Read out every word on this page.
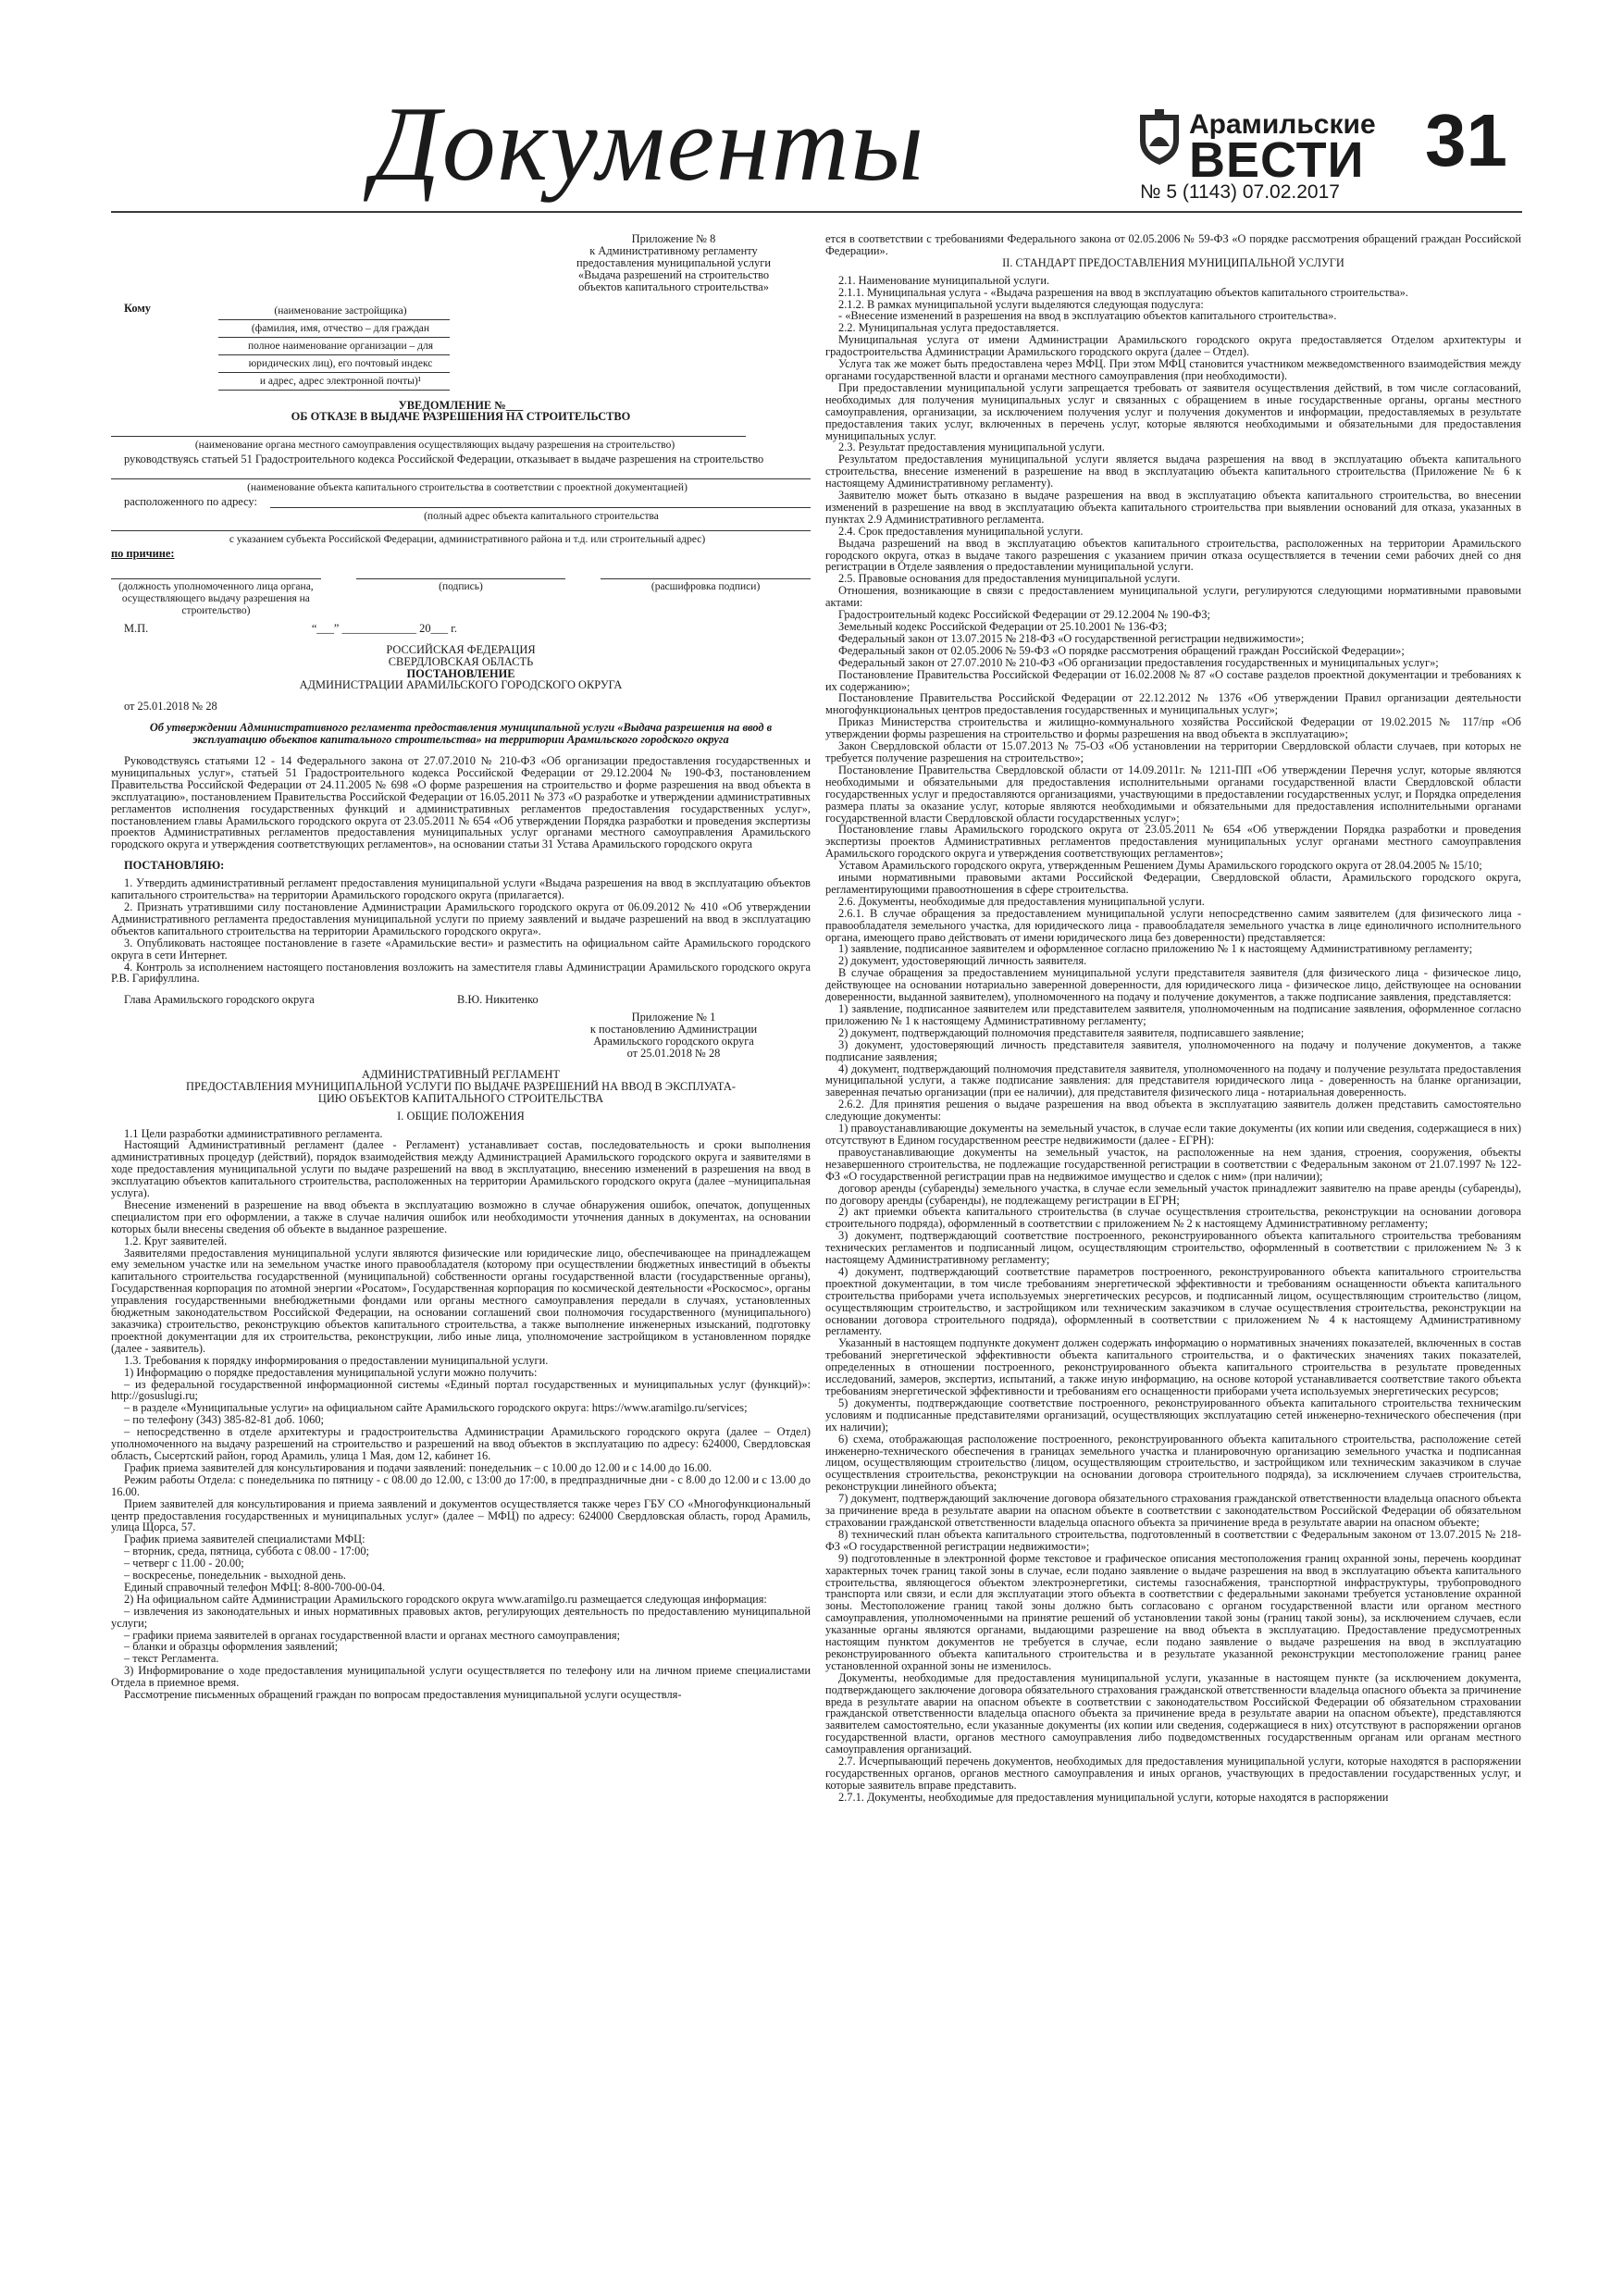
Документы	Арамильские
ВЕСТИ 31
№ 5 (1143) 07.02.2017

Приложение № 8

к Административному регламенту

предоставления муниципальной услуги

«Выдача разрешений на строительство

объектов капитального строительства»

Кому	(наименование застройщика)

(фамилия, имя, отчество – для граждан

полное наименование организации – для

юридических лиц), его почтовый индекс

и адрес, адрес электронной почты)¹

УВЕДОМЛЕНИЕ №___

ОБ ОТКАЗЕ В ВЫДАЧЕ РАЗРЕШЕНИЯ НА СТРОИТЕЛЬСТВО

(наименование органа местного самоуправления осуществляющих выдачу разрешения на строительство)

руководствуясь статьей 51 Градостроительного кодекса Российской Федерации, отказывает в выдаче разрешения на строительство

(наименование объекта капитального строительства в соответствии с проектной документацией)

расположенного по адресу:

(полный адрес объекта капитального строительства

с указанием субъекта Российской Федерации, административного района и т.д. или строительный адрес)

по причине:

(должность уполномоченного лица органа, осуществляющего выдачу разрешения на строительство)
(подпись)	(расшифровка подписи)
М.П.	“___” _____________ 20___ г.

РОССИЙСКАЯ ФЕДЕРАЦИЯ

СВЕРДЛОВСКАЯ ОБЛАСТЬ

ПОСТАНОВЛЕНИЕ

АДМИНИСТРАЦИИ АРАМИЛЬСКОГО ГОРОДСКОГО ОКРУГА

от 25.01.2018 № 28

Об утверждении Административного регламента предоставления муниципальной услуги «Выдача разрешения на ввод в эксплуатацию объектов капитального строительства» на территории Арамильского городского округа

Руководствуясь статьями 12 - 14 Федерального закона от 27.07.2010 № 210-ФЗ «Об организации предоставления государственных и муниципальных услуг», статьей 51 Градостроительного кодекса Российской Федерации от 29.12.2004 № 190-ФЗ, постановлением Правительства Российской Федерации от 24.11.2005 № 698 «О форме разрешения на строительство и форме разрешения на ввод объекта в эксплуатацию», постановлением Правительства Российской Федерации от 16.05.2011 № 373 «О разработке и утверждении административных регламентов исполнения государственных функций и административных регламентов предоставления государственных услуг», постановлением главы Арамильского городского округа от 23.05.2011 № 654 «Об утверждении Порядка разработки и проведения экспертизы проектов Административных регламентов предоставления муниципальных услуг органами местного самоуправления Арамильского городского округа и утверждения соответствующих регламентов», на основании статьи 31 Устава Арамильского городского округа

ПОСТАНОВЛЯЮ:

1. Утвердить административный регламент предоставления муниципальной услуги «Выдача разрешения на ввод в эксплуатацию объектов капитального строительства» на территории Арамильского городского округа (прилагается).

2. Признать утратившими силу постановление Администрации Арамильского городского округа от 06.09.2012 № 410 «Об утверждении Административного регламента предоставления муниципальной услуги по приему заявлений и выдаче разрешений на ввод в эксплуатацию объектов капитального строительства на территории Арамильского городского округа».

3. Опубликовать настоящее постановление в газете «Арамильские вести» и разместить на официальном сайте Арамильского городского округа в сети Интернет.

4. Контроль за исполнением настоящего постановления возложить на заместителя главы Администрации Арамильского городского округа Р.В. Гарифуллина.

Глава Арамильского городского округа	В.Ю. Никитенко

Приложение № 1

к постановлению Администрации

Арамильского городского округа

от 25.01.2018 № 28

АДМИНИСТРАТИВНЫЙ РЕГЛАМЕНТ

ПРЕДОСТАВЛЕНИЯ МУНИЦИПАЛЬНОЙ УСЛУГИ ПО ВЫДАЧЕ РАЗРЕШЕНИЙ НА ВВОД В ЭКСПЛУАТА-

ЦИЮ ОБЪЕКТОВ КАПИТАЛЬНОГО СТРОИТЕЛЬСТВА

I. ОБЩИЕ ПОЛОЖЕНИЯ

1.1 Цели разработки административного регламента.

Настоящий Административный регламент (далее - Регламент) устанавливает состав, последовательность и сроки выполнения административных процедур (действий), порядок взаимодействия между Администрацией Арамильского городского округа и заявителями в ходе предоставления муниципальной услуги по выдаче разрешений на ввод в эксплуатацию, внесению изменений в разрешения на ввод в эксплуатацию объектов капитального строительства, расположенных на территории Арамильского городского округа (далее –муниципальная услуга).

Внесение изменений в разрешение на ввод объекта в эксплуатацию возможно в случае обнаружения ошибок, опечаток, допущенных специалистом при его оформлении, а также в случае наличия ошибок или необходимости уточнения данных в документах, на основании которых были внесены сведения об объекте в выданное разрешение.

1.2. Круг заявителей.

Заявителями предоставления муниципальной услуги являются физические или юридические лицо, обеспечивающее на принадлежащем ему земельном участке или на земельном участке иного правообладателя (которому при осуществлении бюджетных инвестиций в объекты капитального строительства государственной (муниципальной) собственности органы государственной власти (государственные органы), Государственная корпорация по атомной энергии «Росатом», Государственная корпорация по космической деятельности «Роскосмос», органы управления государственными внебюджетными фондами или органы местного самоуправления передали в случаях, установленных бюджетным законодательством Российской Федерации, на основании соглашений свои полномочия государственного (муниципального) заказчика) строительство, реконструкцию объектов капитального строительства, а также выполнение инженерных изысканий, подготовку проектной документации для их строительства, реконструкции, либо иные лица, уполномочение застройщиком в установленном порядке (далее - заявитель).

1.3. Требования к порядку информирования о предоставлении муниципальной услуги.

1) Информацию о порядке предоставления муниципальной услуги можно получить:

– из федеральной государственной информационной системы «Единый портал государственных и муниципальных услуг (функций)»: http://gosuslugi.ru;

– в разделе «Муниципальные услуги» на официальном сайте Арамильского городского округа: https://www.aramilgo.ru/services;

– по телефону (343) 385-82-81 доб. 1060;

– непосредственно в отделе архитектуры и градостроительства Администрации Арамильского городского округа (далее – Отдел) уполномоченного на выдачу разрешений на строительство и разрешений на ввод объектов в эксплуатацию по адресу: 624000, Свердловская область, Сысертский район, город Арамиль, улица 1 Мая, дом 12, кабинет 16.

График приема заявителей для консультирования и подачи заявлений: понедельник – с 10.00 до 12.00 и с 14.00 до 16.00.

Режим работы Отдела: с понедельника по пятницу - с 08.00 до 12.00, с 13:00 до 17:00, в предпраздничные дни - с 8.00 до 12.00 и с 13.00 до 16.00.

Прием заявителей для консультирования и приема заявлений и документов осуществляется также через ГБУ СО «Многофункциональный центр предоставления государственных и муниципальных услуг» (далее – МФЦ) по адресу: 624000 Свердловская область, город Арамиль, улица Щорса, 57.

График приема заявителей специалистами МФЦ:

– вторник, среда, пятница, суббота с 08.00 - 17:00;

– четверг с 11.00 - 20.00;

– воскресенье, понедельник - выходной день.

Единый справочный телефон МФЦ: 8-800-700-00-04.

2) На официальном сайте Администрации Арамильского городского округа www.aramilgo.ru размещается следующая информация:

– извлечения из законодательных и иных нормативных правовых актов, регулирующих деятельность по предоставлению муниципальной услуги;

– графики приема заявителей в органах государственной власти и органах местного самоуправления;

– бланки и образцы оформления заявлений;

– текст Регламента.

3) Информирование о ходе предоставления муниципальной услуги осуществляется по телефону или на личном приеме специалистами Отдела в приемное время.

Рассмотрение письменных обращений граждан по вопросам предоставления муниципальной услуги осуществля-

ется в соответствии с требованиями Федерального закона от 02.05.2006 № 59-ФЗ «О порядке рассмотрения обращений граждан Российской Федерации».

II. СТАНДАРТ ПРЕДОСТАВЛЕНИЯ МУНИЦИПАЛЬНОЙ УСЛУГИ

2.1. Наименование муниципальной услуги.

2.1.1. Муниципальная услуга - «Выдача разрешения на ввод в эксплуатацию объектов капитального строительства».

2.1.2. В рамках муниципальной услуги выделяются следующая подуслуга:

- «Внесение изменений в разрешения на ввод в эксплуатацию объектов капитального строительства».

2.2. Муниципальная услуга предоставляется.

Муниципальная услуга от имени Администрации Арамильского городского округа предоставляется Отделом архитектуры и градостроительства Администрации Арамильского городского округа (далее – Отдел).

Услуга так же может быть предоставлена через МФЦ. При этом МФЦ становится участником межведомственного взаимодействия между органами государственной власти и органами местного самоуправления (при необходимости).

При предоставлении муниципальной услуги запрещается требовать от заявителя осуществления действий, в том числе согласований, необходимых для получения муниципальных услуг и связанных с обращением в иные государственные органы, органы местного самоуправления, организации, за исключением получения услуг и получения документов и информации, предоставляемых в результате предоставления таких услуг, включенных в перечень услуг, которые являются необходимыми и обязательными для предоставления муниципальных услуг.

2.3. Результат предоставления муниципальной услуги.

Результатом предоставления муниципальной услуги является выдача разрешения на ввод в эксплуатацию объекта капитального строительства, внесение изменений в разрешение на ввод в эксплуатацию объекта капитального строительства (Приложение № 6 к настоящему Административному регламенту).

Заявителю может быть отказано в выдаче разрешения на ввод в эксплуатацию объекта капитального строительства, во внесении изменений в разрешение на ввод в эксплуатацию объекта капитального строительства при выявлении оснований для отказа, указанных в пунктах 2.9 Административного регламента.

2.4. Срок предоставления муниципальной услуги.

Выдача разрешений на ввод в эксплуатацию объектов капитального строительства, расположенных на территории Арамильского городского округа, отказ в выдаче такого разрешения с указанием причин отказа осуществляется в течении семи рабочих дней со дня регистрации в Отделе заявления о предоставлении муниципальной услуги.

2.5. Правовые основания для предоставления муниципальной услуги.

Отношения, возникающие в связи с предоставлением муниципальной услуги, регулируются следующими нормативными правовыми актами:

Градостроительный кодекс Российской Федерации от 29.12.2004 № 190-ФЗ;

Земельный кодекс Российской Федерации от 25.10.2001 № 136-ФЗ;

Федеральный закон от 13.07.2015 № 218-ФЗ «О государственной регистрации недвижимости»;

Федеральный закон от 02.05.2006 № 59-ФЗ «О порядке рассмотрения обращений граждан Российской Федерации»;

Федеральный закон от 27.07.2010 № 210-ФЗ «Об организации предоставления государственных и муниципальных услуг»;

Постановление Правительства Российской Федерации от 16.02.2008 № 87 «О составе разделов проектной документации и требованиях к их содержанию»;

Постановление Правительства Российской Федерации от 22.12.2012 № 1376 «Об утверждении Правил организации деятельности многофункциональных центров предоставления государственных и муниципальных услуг»;

Приказ Министерства строительства и жилищно-коммунального хозяйства Российской Федерации от 19.02.2015 № 117/пр «Об утверждении формы разрешения на строительство и формы разрешения на ввод объекта в эксплуатацию»;

Закон Свердловской области от 15.07.2013 № 75-ОЗ «Об установлении на территории Свердловской области случаев, при которых не требуется получение разрешения на строительство»;

Постановление Правительства Свердловской области от 14.09.2011г. № 1211-ПП «Об утверждении Перечня услуг, которые являются необходимыми и обязательными для предоставления исполнительными органами государственной власти Свердловской области государственных услуг и предоставляются организациями, участвующими в предоставлении государственных услуг, и Порядка определения размера платы за оказание услуг, которые являются необходимыми и обязательными для предоставления исполнительными органами государственной власти Свердловской области государственных услуг»;

Постановление главы Арамильского городского округа от 23.05.2011 № 654 «Об утверждении Порядка разработки и проведения экспертизы проектов Административных регламентов предоставления муниципальных услуг органами местного самоуправления Арамильского городского округа и утверждения соответствующих регламентов»;

Уставом Арамильского городского округа, утвержденным Решением Думы Арамильского городского округа от 28.04.2005 № 15/10;

иными нормативными правовыми актами Российской Федерации, Свердловской области, Арамильского городского округа, регламентирующими правоотношения в сфере строительства.

2.6. Документы, необходимые для предоставления муниципальной услуги.

2.6.1. В случае обращения за предоставлением муниципальной услуги непосредственно самим заявителем (для физического лица - правообладателя земельного участка, для юридического лица - правообладателя земельного участка в лице единоличного исполнительного органа, имеющего право действовать от имени юридического лица без доверенности) представляется:

1) заявление, подписанное заявителем и оформленное согласно приложению № 1 к настоящему Административному регламенту;

2) документ, удостоверяющий личность заявителя.

В случае обращения за предоставлением муниципальной услуги представителя заявителя (для физического лица - физическое лицо, действующее на основании нотариально заверенной доверенности, для юридического лица - физическое лицо, действующее на основании доверенности, выданной заявителем), уполномоченного на подачу и получение документов, а также подписание заявления, представляется:

1) заявление, подписанное заявителем или представителем заявителя, уполномоченным на подписание заявления, оформленное согласно приложению № 1 к настоящему Административному регламенту;

2) документ, подтверждающий полномочия представителя заявителя, подписавшего заявление;

3) документ, удостоверяющий личность представителя заявителя, уполномоченного на подачу и получение документов, а также подписание заявления;

4) документ, подтверждающий полномочия представителя заявителя, уполномоченного на подачу и получение результата предоставления муниципальной услуги, а также подписание заявления: для представителя юридического лица - доверенность на бланке организации, заверенная печатью организации (при ее наличии), для представителя физического лица - нотариальная доверенность.

2.6.2. Для принятия решения о выдаче разрешения на ввод объекта в эксплуатацию заявитель должен представить самостоятельно следующие документы:

1) правоустанавливающие документы на земельный участок, в случае если такие документы (их копии или сведения, содержащиеся в них) отсутствуют в Едином государственном реестре недвижимости (далее - ЕГРН):

правоустанавливающие документы на земельный участок, на расположенные на нем здания, строения, сооружения, объекты незавершенного строительства, не подлежащие государственной регистрации в соответствии с Федеральным законом от 21.07.1997 № 122-ФЗ «О государственной регистрации прав на недвижимое имущество и сделок с ним» (при наличии);

договор аренды (субаренды) земельного участка, в случае если земельный участок принадлежит заявителю на праве аренды (субаренды), по договору аренды (субаренды), не подлежащему регистрации в ЕГРН;

2) акт приемки объекта капитального строительства (в случае осуществления строительства, реконструкции на основании договора строительного подряда), оформленный в соответствии с приложением № 2 к настоящему Административному регламенту;

3) документ, подтверждающий соответствие построенного, реконструированного объекта капитального строительства требованиям технических регламентов и подписанный лицом, осуществляющим строительство, оформленный в соответствии с приложением № 3 к настоящему Административному регламенту;

4) документ, подтверждающий соответствие параметров построенного, реконструированного объекта капитального строительства проектной документации, в том числе требованиям энергетической эффективности и требованиям оснащенности объекта капитального строительства приборами учета используемых энергетических ресурсов, и подписанный лицом, осуществляющим строительство (лицом, осуществляющим строительство, и застройщиком или техническим заказчиком в случае осуществления строительства, реконструкции на основании договора строительного подряда), оформленный в соответствии с приложением № 4 к настоящему Административному регламенту.

Указанный в настоящем подпункте документ должен содержать информацию о нормативных значениях показателей, включенных в состав требований энергетической эффективности объекта капитального строительства, и о фактических значениях таких показателей, определенных в отношении построенного, реконструированного объекта капитального строительства в результате проведенных исследований, замеров, экспертиз, испытаний, а также иную информацию, на основе которой устанавливается соответствие такого объекта требованиям энергетической эффективности и требованиям его оснащенности приборами учета используемых энергетических ресурсов;

5) документы, подтверждающие соответствие построенного, реконструированного объекта капитального строительства техническим условиям и подписанные представителями организаций, осуществляющих эксплуатацию сетей инженерно-технического обеспечения (при их наличии);

6) схема, отображающая расположение построенного, реконструированного объекта капитального строительства, расположение сетей инженерно-технического обеспечения в границах земельного участка и планировочную организацию земельного участка и подписанная лицом, осуществляющим строительство (лицом, осуществляющим строительство, и застройщиком или техническим заказчиком в случае осуществления строительства, реконструкции на основании договора строительного подряда), за исключением случаев строительства, реконструкции линейного объекта;

7) документ, подтверждающий заключение договора обязательного страхования гражданской ответственности владельца опасного объекта за причинение вреда в результате аварии на опасном объекте в соответствии с законодательством Российской Федерации об обязательном страховании гражданской ответственности владельца опасного объекта за причинение вреда в результате аварии на опасном объекте;

8) технический план объекта капитального строительства, подготовленный в соответствии с Федеральным законом от 13.07.2015 № 218-ФЗ «О государственной регистрации недвижимости»;

9) подготовленные в электронной форме текстовое и графическое описания местоположения границ охранной зоны, перечень координат характерных точек границ такой зоны в случае, если подано заявление о выдаче разрешения на ввод в эксплуатацию объекта капитального строительства, являющегося объектом электроэнергетики, системы газоснабжения, транспортной инфраструктуры, трубопроводного транспорта или связи, и если для эксплуатации этого объекта в соответствии с федеральными законами требуется установление охранной зоны. Местоположение границ такой зоны должно быть согласовано с органом государственной власти или органом местного самоуправления, уполномоченными на принятие решений об установлении такой зоны (границ такой зоны), за исключением случаев, если указанные органы являются органами, выдающими разрешение на ввод объекта в эксплуатацию. Предоставление предусмотренных настоящим пунктом документов не требуется в случае, если подано заявление о выдаче разрешения на ввод в эксплуатацию реконструированного объекта капитального строительства и в результате указанной реконструкции местоположение границ ранее установленной охранной зоны не изменилось.

Документы, необходимые для предоставления муниципальной услуги, указанные в настоящем пункте (за исключением документа, подтверждающего заключение договора обязательного страхования гражданской ответственности владельца опасного объекта за причинение вреда в результате аварии на опасном объекте в соответствии с законодательством Российской Федерации об обязательном страховании гражданской ответственности владельца опасного объекта за причинение вреда в результате аварии на опасном объекте), представляются заявителем самостоятельно, если указанные документы (их копии или сведения, содержащиеся в них) отсутствуют в распоряжении органов государственной власти, органов местного самоуправления либо подведомственных государственным органам или органам местного самоуправления организаций.

2.7. Исчерпывающий перечень документов, необходимых для предоставления муниципальной услуги, которые находятся в распоряжении государственных органов, органов местного самоуправления и иных органов, участвующих в предоставлении государственных услуг, и которые заявитель вправе представить.

2.7.1. Документы, необходимые для предоставления муниципальной услуги, которые находятся в распоряжении
